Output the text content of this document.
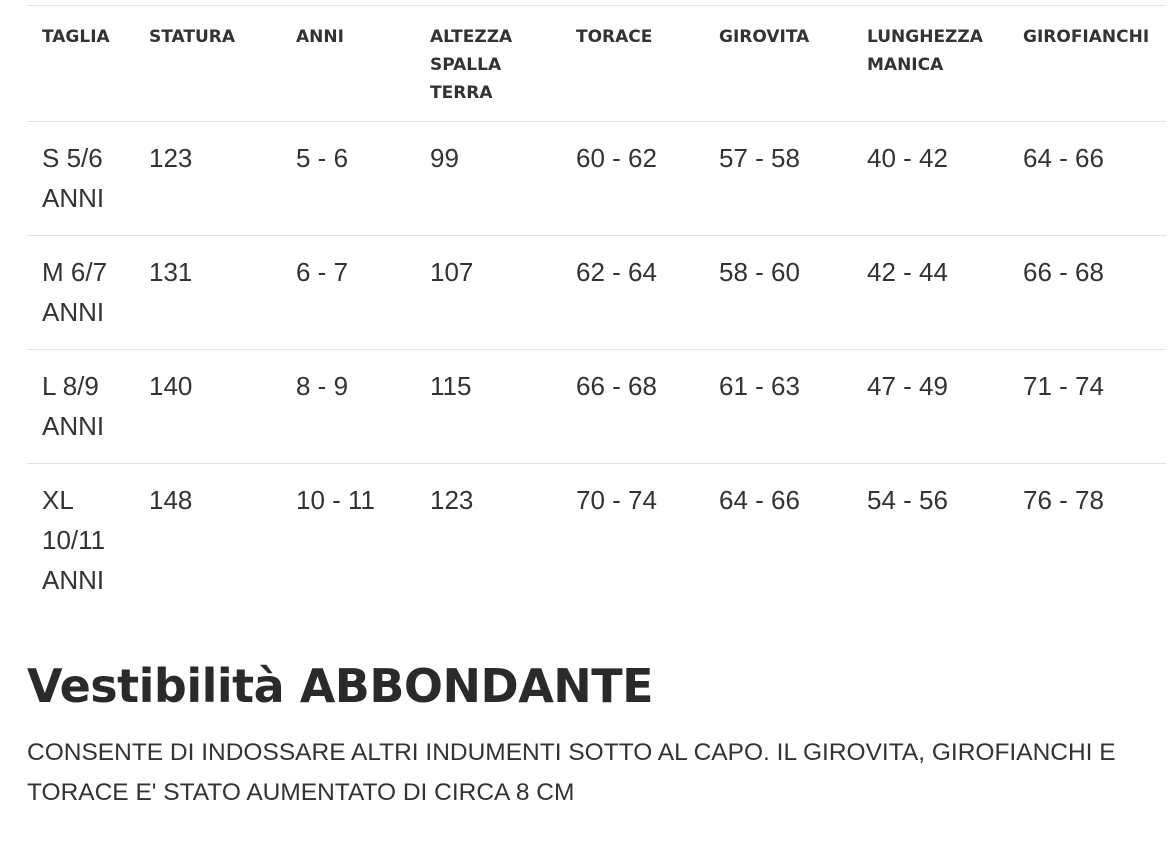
TAGLIA	STATURA	ANNI	ALTEZZA SPALLA TERRA	TORACE	GIROVITA	LUNGHEZZA MANICA	GIROFIANCHI
S 5/6 ANNI	123	5 - 6	99	60 - 62	57 - 58	40 - 42	64 - 66
M 6/7 ANNI	131	6 - 7	107	62 - 64	58 - 60	42 - 44	66 - 68
L 8/9 ANNI	140	8 - 9	115	66 - 68	61 - 63	47 - 49	71 - 74
XL 10/11 ANNI	148	10 - 11	123	70 - 74	64 - 66	54 - 56	76 - 78
Vestibilità ABBONDANTE

CONSENTE DI INDOSSARE ALTRI INDUMENTI SOTTO AL CAPO. IL GIROVITA, GIROFIANCHI E TORACE E' STATO AUMENTATO DI CIRCA 8 CM
